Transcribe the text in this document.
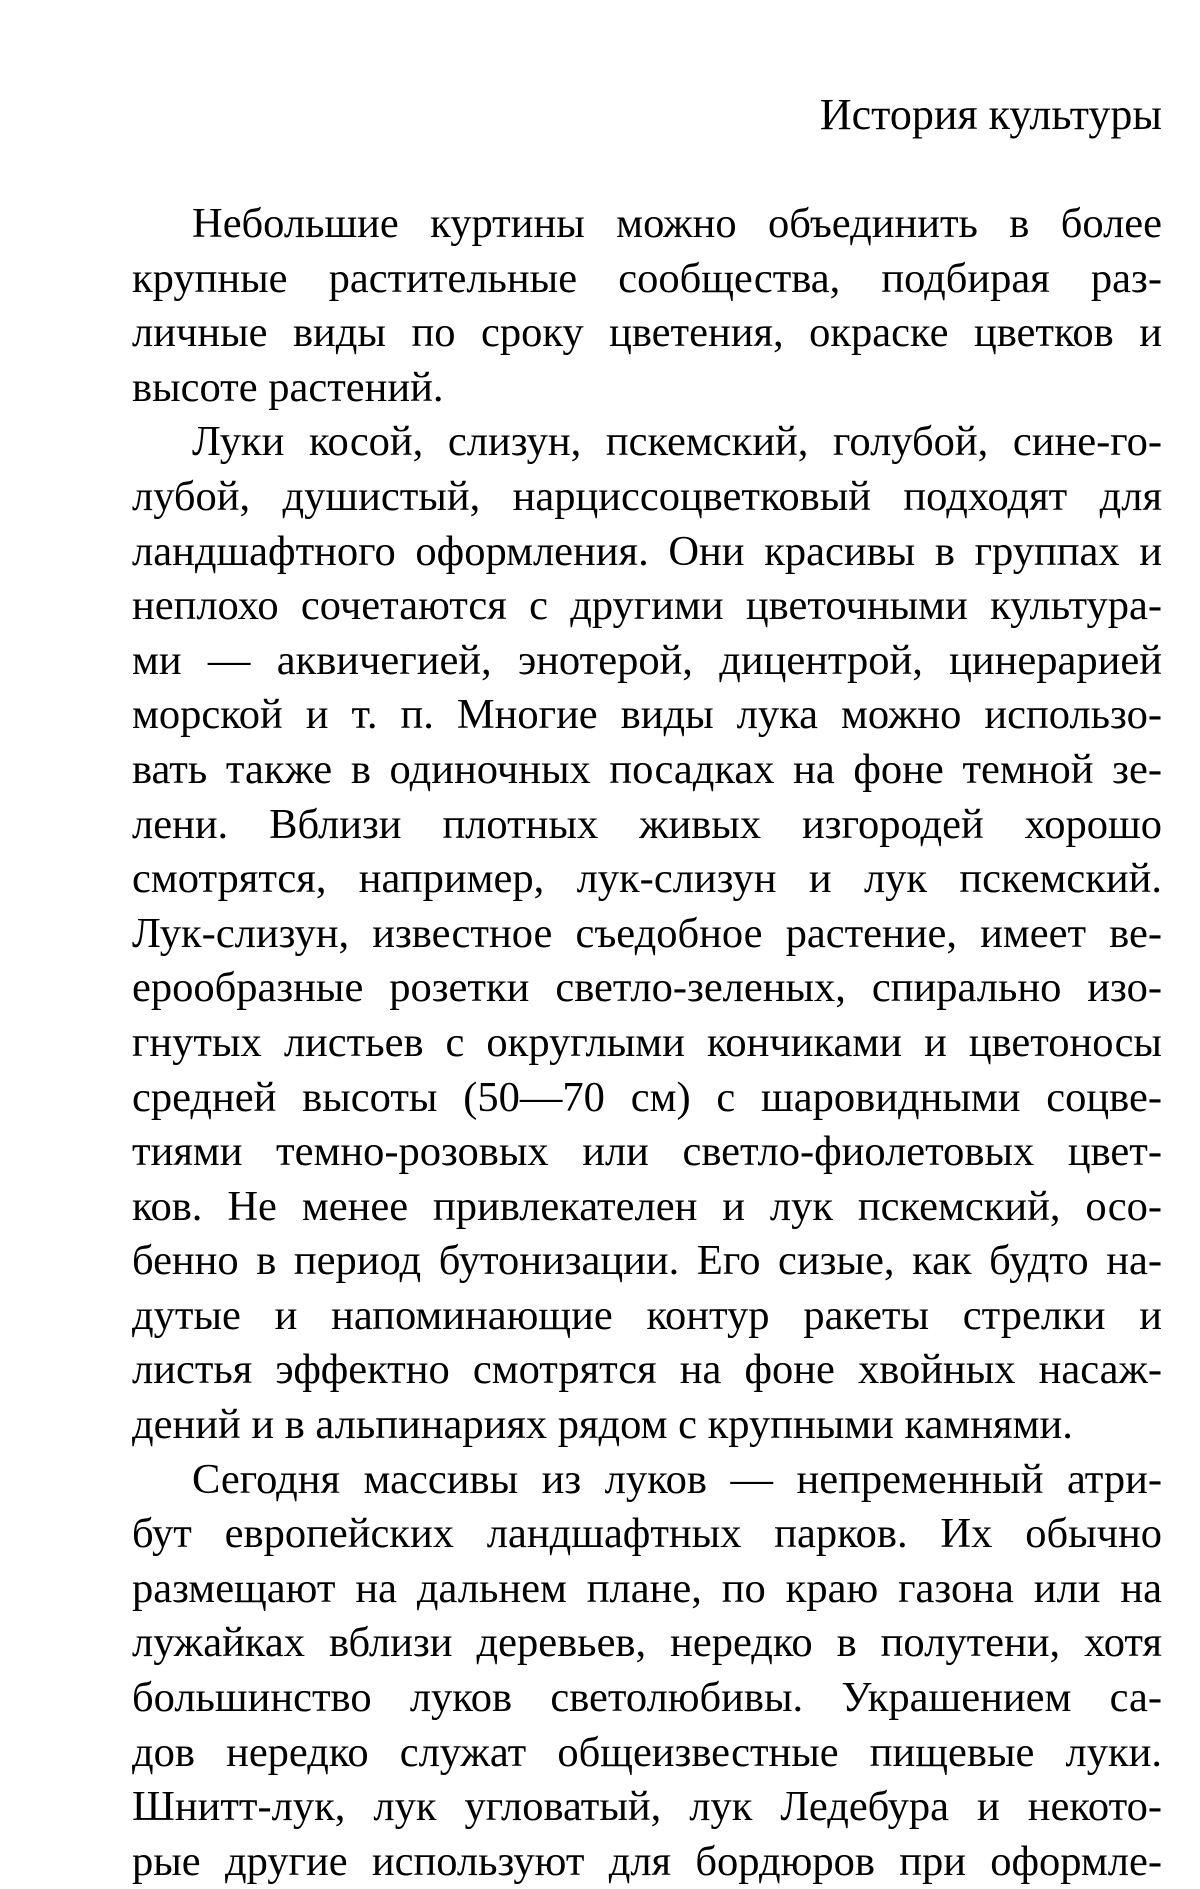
История культуры

Небольшие куртины можно объединить в более
крупные растительные сообщества, подбирая раз-
личные виды по сроку цветения, окраске цветков и
высоте растений.

Луки косой, слизун, пскемский, голубой, сине-го-
лубой, душистый, нарциссоцветковый подходят для
ландшафтного оформления. Они красивы в группах и
неплохо сочетаются с другими цветочными культура-
ми — аквичегией, энотерой, дицентрой, цинерарией
морской и т. п. Многие виды лука можно использо-
вать также в одиночных посадках на фоне темной зе-
лени. Вблизи плотных живых изгородей хорошо
смотрятся, например, лук-слизун и лук пскемский.
Лук-слизун, известное съедобное растение, имеет ве-
ерообразные розетки светло-зеленых, спирально изо-
гнутых листьев с округлыми кончиками и цветоносы
средней высоты (50—70 см) с шаровидными соцве-
тиями темно-розовых или светло-фиолетовых цвет-
ков. Не менее привлекателен и лук пскемский, осо-
бенно в период бутонизации. Его сизые, как будто на-
дутые и напоминающие контур ракеты стрелки и
листья эффектно смотрятся на фоне хвойных насаж-
дений и в альпинариях рядом с крупными камнями.

Сегодня массивы из луков — непременный атри-
бут европейских ландшафтных парков. Их обычно
размещают на дальнем плане, по краю газона или на
лужайках вблизи деревьев, нередко в полутени, хотя
большинство луков светолюбивы. Украшением са-
дов нередко служат общеизвестные пищевые луки.
Шнитт-лук, лук угловатый, лук Ледебура и некото-
рые другие используют для бордюров при оформле-
